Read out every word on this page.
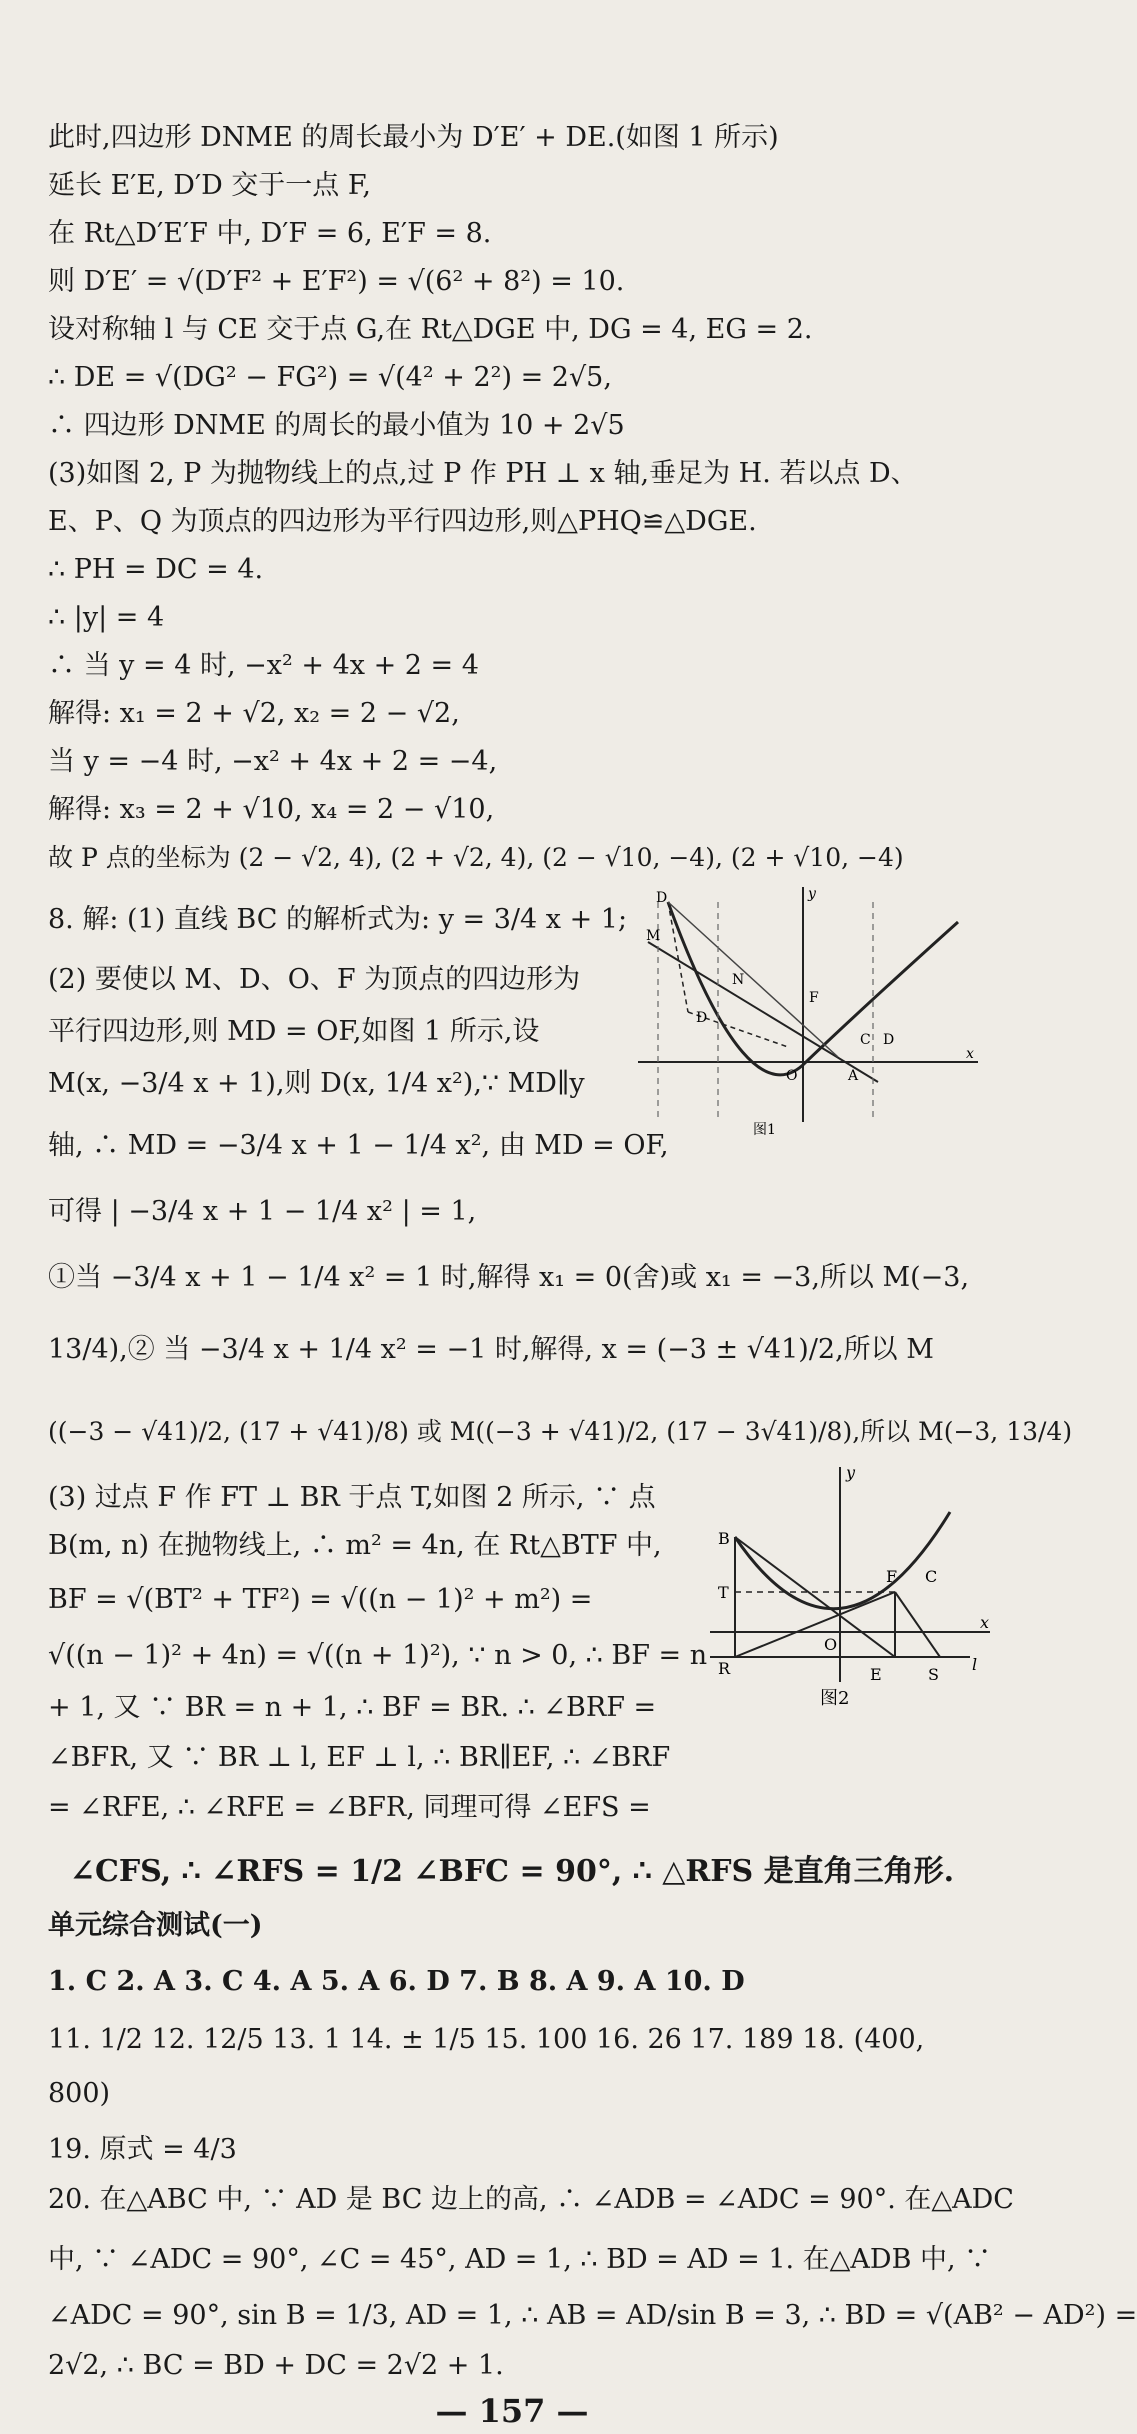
此时,四边形 DNME 的周长最小为 D′E′ + DE.(如图 1 所示)
延长 E′E, D′D 交于一点 F,
在 Rt△D′E′F 中, D′F = 6, E′F = 8.
则 D′E′ = √(D′F² + E′F²) = √(6² + 8²) = 10.
设对称轴 l 与 CE 交于点 G,在 Rt△DGE 中, DG = 4, EG = 2.
∴ DE = √(DG² − FG²) = √(4² + 2²) = 2√5,
∴ 四边形 DNME 的周长的最小值为 10 + 2√5
(3)如图 2, P 为抛物线上的点,过 P 作 PH ⊥ x 轴,垂足为 H. 若以点 D、
E、P、Q 为顶点的四边形为平行四边形,则△PHQ≌△DGE.
∴ PH = DC = 4.
∴ |y| = 4
∴ 当 y = 4 时, −x² + 4x + 2 = 4
解得: x₁ = 2 + √2, x₂ = 2 − √2,
当 y = −4 时, −x² + 4x + 2 = −4,
解得: x₃ = 2 + √10, x₄ = 2 − √10,
故 P 点的坐标为 (2 − √2, 4), (2 + √2, 4), (2 − √10, −4), (2 + √10, −4)
8. 解: (1) 直线 BC 的解析式为: y = 3/4 x + 1;
(2) 要使以 M、D、O、F 为顶点的四边形为
平行四边形,则 MD = OF,如图 1 所示,设
M(x, −3/4 x + 1),则 D(x, 1/4 x²),∵ MD∥y
轴, ∴ MD = −3/4 x + 1 − 1/4 x², 由 MD = OF,
可得 | −3/4 x + 1 − 1/4 x² | = 1,
D
M
N
D
F
C
O	A
D
y
x
图1
①当 −3/4 x + 1 − 1/4 x² = 1 时,解得 x₁ = 0(舍)或 x₁ = −3,所以 M(−3,
13/4),② 当 −3/4 x + 1/4 x² = −1 时,解得, x = (−3 ± √41)/2,所以 M
((−3 − √41)/2, (17 + √41)/8) 或 M((−3 + √41)/2, (17 − 3√41)/8),所以 M(−3, 13/4)
(3) 过点 F 作 FT ⊥ BR 于点 T,如图 2 所示, ∵ 点
B(m, n) 在抛物线上, ∴ m² = 4n, 在 Rt△BTF 中,
BF = √(BT² + TF²) = √((n − 1)² + m²) =
√((n − 1)² + 4n) = √((n + 1)²), ∵ n > 0, ∴ BF = n
+ 1, 又 ∵ BR = n + 1, ∴ BF = BR. ∴ ∠BRF =
∠BFR, 又 ∵ BR ⊥ l, EF ⊥ l, ∴ BR∥EF, ∴ ∠BRF
= ∠RFE, ∴ ∠RFE = ∠BFR, 同理可得 ∠EFS =
B
T
R
F C
O
E	S
l
y
x
图2
∠CFS, ∴ ∠RFS = 1/2 ∠BFC = 90°, ∴ △RFS 是直角三角形.
单元综合测试(一)
1. C 2. A 3. C 4. A 5. A 6. D 7. B 8. A 9. A 10. D
11. 1/2 12. 12/5 13. 1 14. ± 1/5 15. 100 16. 26 17. 189 18. (400,
800)
19. 原式 = 4/3
20. 在△ABC 中, ∵ AD 是 BC 边上的高, ∴ ∠ADB = ∠ADC = 90°. 在△ADC
中, ∵ ∠ADC = 90°, ∠C = 45°, AD = 1, ∴ BD = AD = 1. 在△ADB 中, ∵
∠ADC = 90°, sin B = 1/3, AD = 1, ∴ AB = AD/sin B = 3, ∴ BD = √(AB² − AD²) =
2√2, ∴ BC = BD + DC = 2√2 + 1.
— 157 —
